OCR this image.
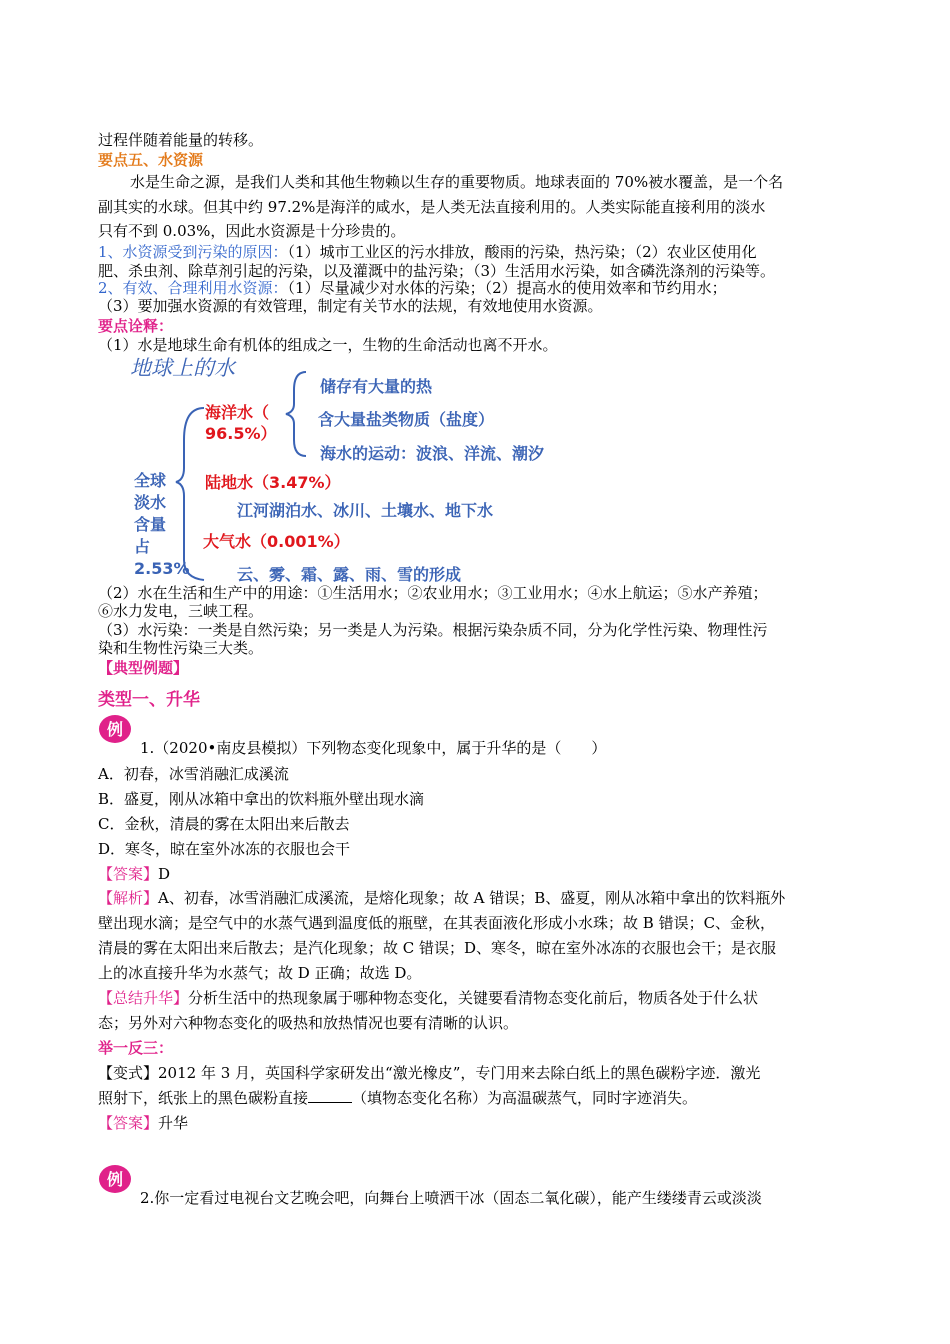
过程伴随着能量的转移。
要点五、水资源
水是生命之源，是我们人类和其他生物赖以生存的重要物质。地球表面的 70%被水覆盖，是一个名
副其实的水球。但其中约 97.2%是海洋的咸水，是人类无法直接利用的。人类实际能直接利用的淡水
只有不到 0.03%，因此水资源是十分珍贵的。
1、水资源受到污染的原因：（1）城市工业区的污水排放，酸雨的污染，热污染；（2）农业区使用化
肥、杀虫剂、除草剂引起的污染，以及灌溉中的盐污染；（3）生活用水污染，如含磷洗涤剂的污染等。
2、有效、合理利用水资源：（1）尽量减少对水体的污染；（2）提高水的使用效率和节约用水；
（3）要加强水资源的有效管理，制定有关节水的法规，有效地使用水资源。
要点诠释：
（1）水是地球生命有机体的组成之一，生物的生命活动也离不开水。
地球上的水
海洋水（
96.5%）
储存有大量的热
含大量盐类物质（盐度）
海水的运动：波浪、洋流、潮汐
陆地水（3.47%）
江河湖泊水、冰川、土壤水、地下水
大气水（0.001%）
云、雾、霜、露、雨、雪的形成
全球
淡水
含量
占
2.53%
（2）水在生活和生产中的用途：①生活用水；②农业用水；③工业用水；④水上航运；⑤水产养殖；
⑥水力发电，三峡工程。
（3）水污染：一类是自然污染；另一类是人为污染。根据污染杂质不同，分为化学性污染、物理性污
染和生物性污染三大类。
【典型例题】
类型一、升华
例
1.（2020•南皮县模拟）下列物态变化现象中，属于升华的是（　　）
A．初春，冰雪消融汇成溪流
B．盛夏，刚从冰箱中拿出的饮料瓶外壁出现水滴
C．金秋，清晨的雾在太阳出来后散去
D．寒冬，晾在室外冰冻的衣服也会干
【答案】D
【解析】A、初春，冰雪消融汇成溪流，是熔化现象；故 A 错误；B、盛夏，刚从冰箱中拿出的饮料瓶外
壁出现水滴；是空气中的水蒸气遇到温度低的瓶壁，在其表面液化形成小水珠；故 B 错误；C、金秋，
清晨的雾在太阳出来后散去；是汽化现象；故 C 错误；D、寒冬，晾在室外冰冻的衣服也会干；是衣服
上的冰直接升华为水蒸气；故 D 正确；故选 D。
【总结升华】分析生活中的热现象属于哪种物态变化，关键要看清物态变化前后，物质各处于什么状
态；另外对六种物态变化的吸热和放热情况也要有清晰的认识。
举一反三：
【变式】2012 年 3 月，英国科学家研发出“激光橡皮”，专门用来去除白纸上的黑色碳粉字迹．激光
照射下，纸张上的黑色碳粉直接	（填物态变化名称）为高温碳蒸气，同时字迹消失。
【答案】升华
例
2.你一定看过电视台文艺晚会吧，向舞台上喷洒干冰（固态二氧化碳），能产生缕缕青云或淡淡
